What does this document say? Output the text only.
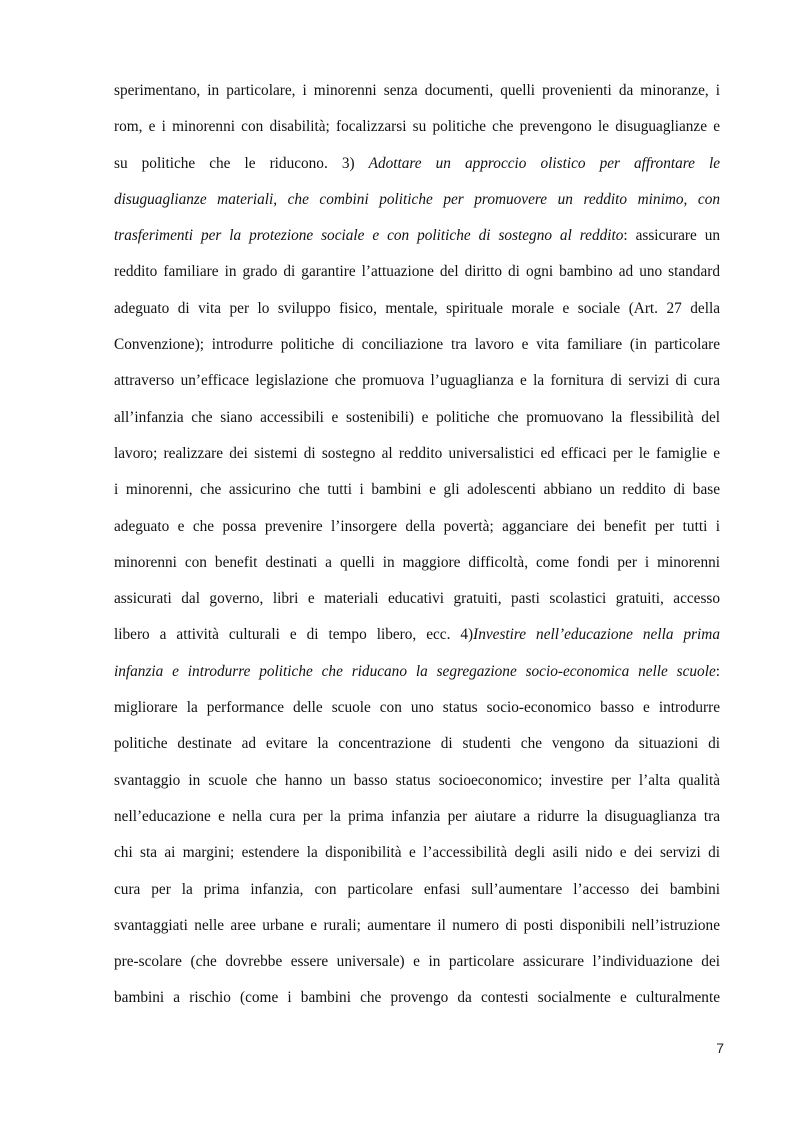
sperimentano, in particolare, i minorenni senza documenti, quelli provenienti da minoranze, i
rom, e i minorenni con disabilità; focalizzarsi su politiche che prevengono le disuguaglianze e
su politiche che le riducono. 3) Adottare un approccio olistico per affrontare le
disuguaglianze materiali, che combini politiche per promuovere un reddito minimo, con
trasferimenti per la protezione sociale e con politiche di sostegno al reddito: assicurare un
reddito familiare in grado di garantire l’attuazione del diritto di ogni bambino ad uno standard
adeguato di vita per lo sviluppo fisico, mentale, spirituale morale e sociale (Art. 27 della
Convenzione); introdurre politiche di conciliazione tra lavoro e vita familiare (in particolare
attraverso un’efficace legislazione che promuova l’uguaglianza e la fornitura di servizi di cura
all’infanzia che siano accessibili e sostenibili) e politiche che promuovano la flessibilità del
lavoro; realizzare dei sistemi di sostegno al reddito universalistici ed efficaci per le famiglie e
i minorenni, che assicurino che tutti i bambini e gli adolescenti abbiano un reddito di base
adeguato e che possa prevenire l’insorgere della povertà; agganciare dei benefit per tutti i
minorenni con benefit destinati a quelli in maggiore difficoltà, come fondi per i minorenni
assicurati dal governo, libri e materiali educativi gratuiti, pasti scolastici gratuiti, accesso
libero a attività culturali e di tempo libero, ecc. 4)Investire nell’educazione nella prima
infanzia e introdurre politiche che riducano la segregazione socio-economica nelle scuole:
migliorare la performance delle scuole con uno status socio-economico basso e introdurre
politiche destinate ad evitare la concentrazione di studenti che vengono da situazioni di
svantaggio in scuole che hanno un basso status socioeconomico; investire per l’alta qualità
nell’educazione e nella cura per la prima infanzia per aiutare a ridurre la disuguaglianza tra
chi sta ai margini; estendere la disponibilità e l’accessibilità degli asili nido e dei servizi di
cura per la prima infanzia, con particolare enfasi sull’aumentare l’accesso dei bambini
svantaggiati nelle aree urbane e rurali; aumentare il numero di posti disponibili nell’istruzione
pre-scolare (che dovrebbe essere universale) e in particolare assicurare l’individuazione dei
bambini a rischio (come i bambini che provengo da contesti socialmente e culturalmente
7
